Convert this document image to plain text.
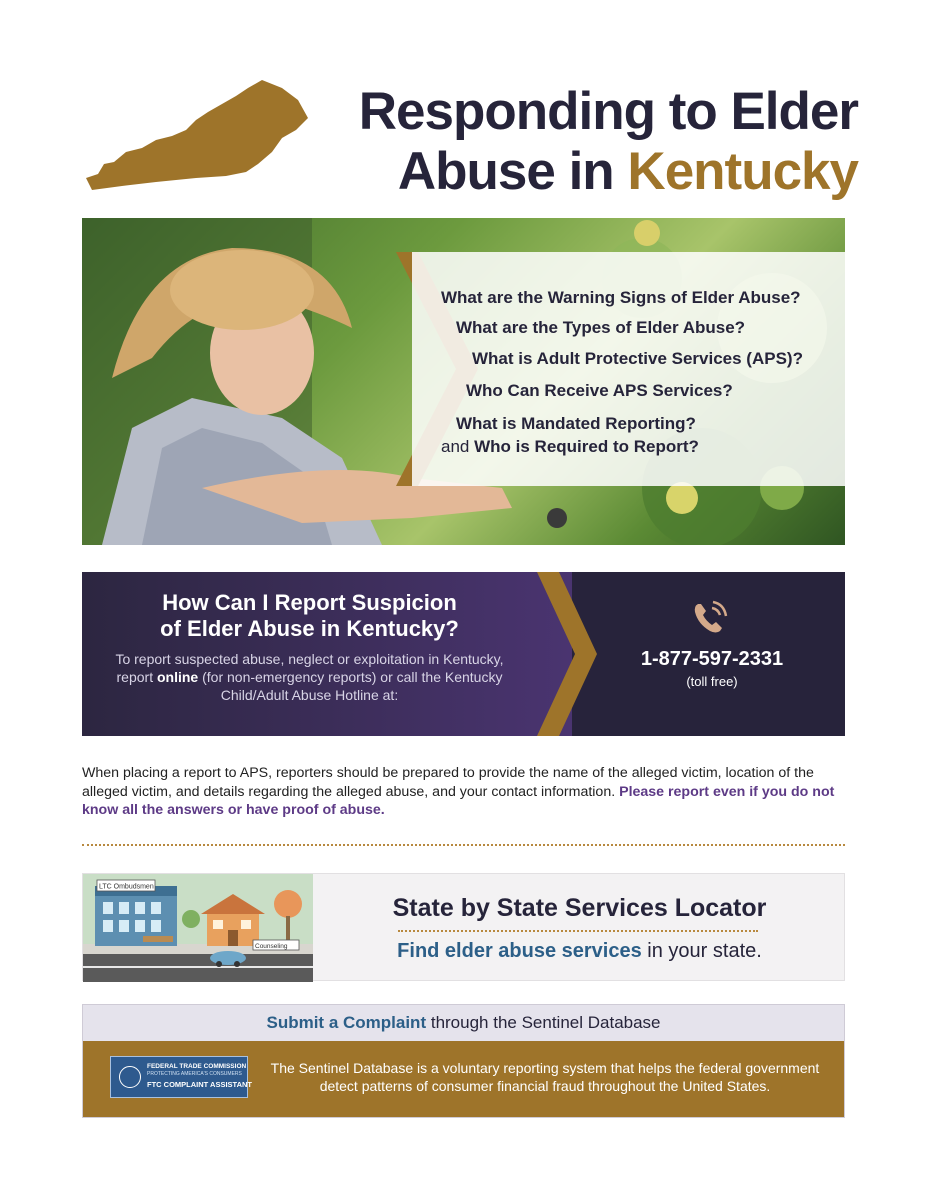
Responding to Elder
Abuse in Kentucky
What are the Warning Signs of Elder Abuse?
What are the Types of Elder Abuse?
What is Adult Protective Services (APS)?
Who Can Receive APS Services?
What is Mandated Reporting?
and Who is Required to Report?
How Can I Report Suspicion
of Elder Abuse in Kentucky?

To report suspected abuse, neglect or exploitation in Kentucky, report online (for non-emergency reports) or call the Kentucky Child/Adult Abuse Hotline at:

1-877-597-2331
(toll free)
When placing a report to APS, reporters should be prepared to provide the name of the alleged victim, location of the alleged victim, and details regarding the alleged abuse, and your contact information. Please report even if you do not know all the answers or have proof of abuse.
LTC Ombudsmen
Counseling
State by State Services Locator
Find elder abuse services in your state.
Submit a Complaint through the Sentinel Database
FEDERAL TRADE COMMISSION
PROTECTING AMERICA'S CONSUMERS
FTC COMPLAINT ASSISTANT
The Sentinel Database is a voluntary reporting system that helps the federal government detect patterns of consumer financial fraud throughout the United States.
